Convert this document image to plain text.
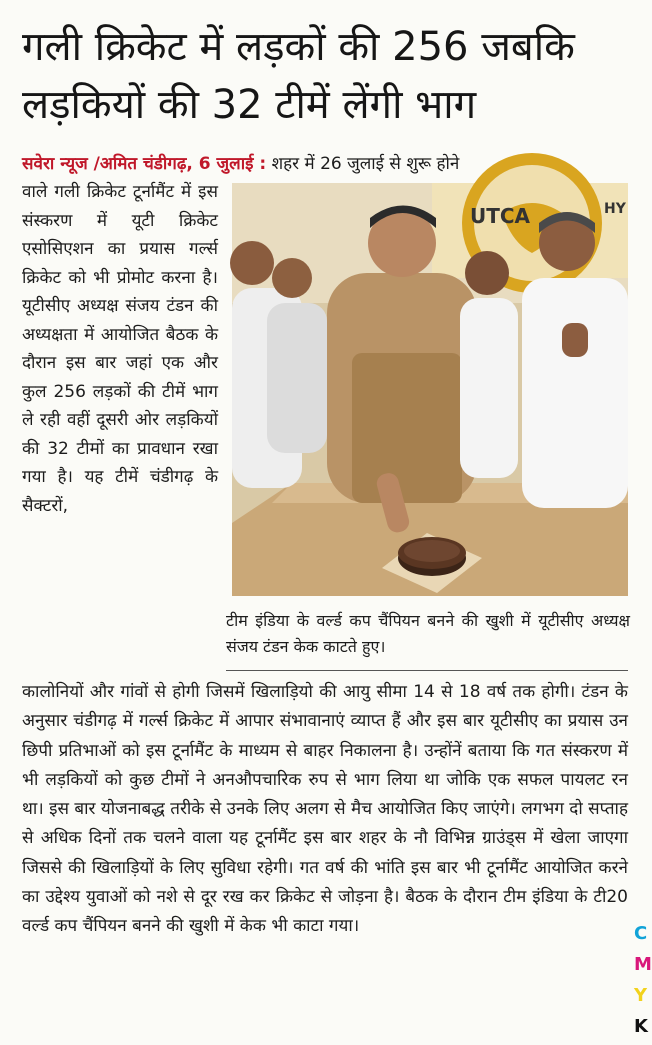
गली क्रिकेट में लड़कों की 256 जबकि लड़कियों की 32 टीमें लेंगी भाग
सवेरा न्यूज /अमित चंडीगढ़, 6 जुलाई : शहर में 26 जुलाई से शुरू होने
वाले गली क्रिकेट टूर्नामैंट में इस संस्करण में यूटी क्रिकेट एसोसिएशन का प्रयास गर्ल्स क्रिकेट को भी प्रोमोट करना है। यूटीसीए अध्यक्ष संजय टंडन की अध्यक्षता में आयोजित बैठक के दौरान इस बार जहां एक और कुल 256 लड़कों की टीमें भाग ले रही वहीं दूसरी ओर लड़कियों की 32 टीमों का प्रावधान रखा गया है। यह टीमें चंडीगढ़ के सैक्टरों,
UTCA	HY
टीम इंडिया के वर्ल्ड कप चैंपियन बनने की खुशी में यूटीसीए अध्यक्ष संजय टंडन केक काटते हुए।
कालोनियों और गांवों से होगी जिसमें खिलाड़ियो की आयु सीमा 14 से 18 वर्ष तक होगी। टंडन के अनुसार चंडीगढ़ में गर्ल्स क्रिकेट में आपार संभावानाएं व्याप्त हैं और इस बार यूटीसीए का प्रयास उन छिपी प्रतिभाओं को इस टूर्नामैंट के माध्यम से बाहर निकालना है। उन्होंनें बताया कि गत संस्करण में भी लड़कियों को कुछ टीमों ने अनऔपचारिक रुप से भाग लिया था जोकि एक सफल पायलट रन था। इस बार योजनाबद्ध तरीके से उनके लिए अलग से मैच आयोजित किए जाएंगे। लगभग दो सप्ताह से अधिक दिनों तक चलने वाला यह टूर्नामैंट इस बार शहर के नौ विभिन्न ग्राउंड्स में खेला जाएगा जिससे की खिलाड़ियों के लिए सुविधा रहेगी। गत वर्ष की भांति इस बार भी टूर्नामैंट आयोजित करने का उद्देश्य युवाओं को नशे से दूर रख कर क्रिकेट से जोड़ना है। बैठक के दौरान टीम इंडिया के टी20 वर्ल्ड कप चैंपियन बनने की खुशी में केक भी काटा गया।	C
M
Y
K
